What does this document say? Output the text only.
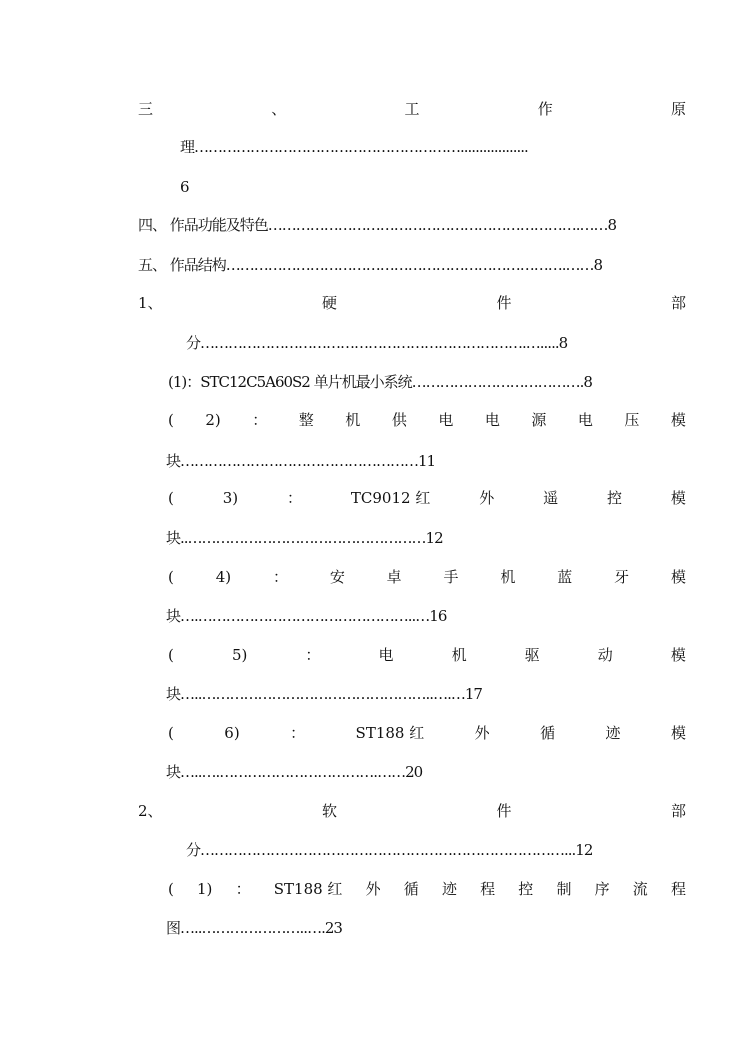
三	、	工	作	原
理…………………………………………………..................
6
四、 作品功能及特色………………………………………………………….……8
五、 作品结构……………………………………………………………….……8
1、	硬	件	部
分…………………………………………………………….….....8
(1)：STC12C5A60S2 单片机最小系统……………………………….8
( 2) ： 整 机 供 电 电 源 电 压 模
块……………………………………………11
(	3)	：	TC9012 红	外	遥	控	模
块..……………………………………………12
(	4)	：	安	卓	手	机	蓝	牙	模
块….………………………………………..…16
(	5)	：	电	机	驱	动	模
块…..…………………………………………..….…17
(	6)	：	ST188 红	外	循	迹	模
块…..….…………………………….……20
2、	软	件	部
分……………………………………………………………………...12
( 1) ： ST188 红 外 循 迹 程 控 制 序 流 程
图…..…………………..….23
